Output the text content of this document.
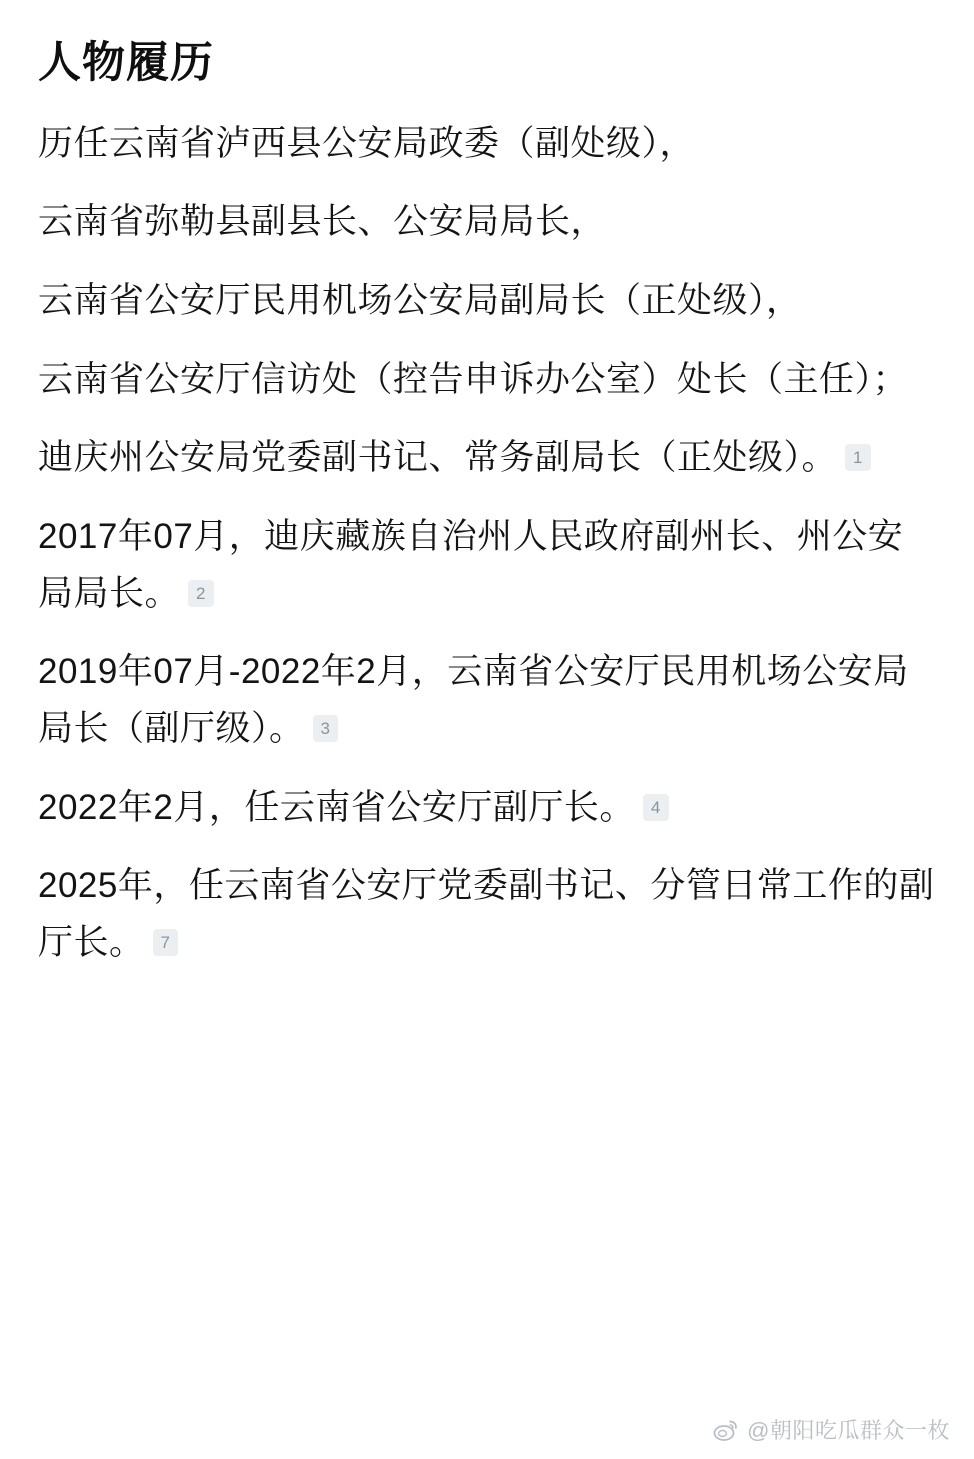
人物履历

历任云南省泸西县公安局政委（副处级），

云南省弥勒县副县长、公安局局长，

云南省公安厅民用机场公安局副局长（正处级），

云南省公安厅信访处（控告申诉办公室）处长（主任）；

迪庆州公安局党委副书记、常务副局长（正处级）。 $^1$

2017年07月，迪庆藏族自治州人民政府副州长、州公安局局长。 $^2$

2019年07月-2022年2月，云南省公安厅民用机场公安局局长（副厅级）。 $^3$

2022年2月，任云南省公安厅副厅长。 $^4$

2025年，任云南省公安厅党委副书记、分管日常工作的副厅长。 $^7$

@朝阳吃瓜群众一枚
